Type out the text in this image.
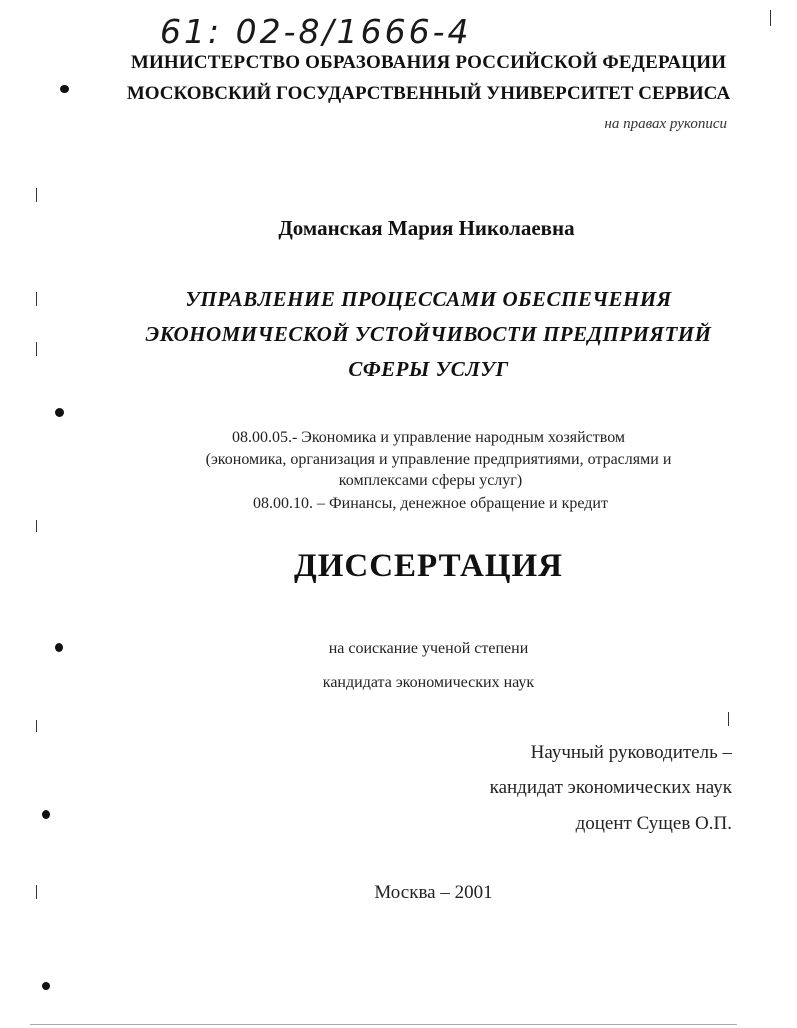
61: 02-8/1666-4
МИНИСТЕРСТВО ОБРАЗОВАНИЯ РОССИЙСКОЙ ФЕДЕРАЦИИ
МОСКОВСКИЙ ГОСУДАРСТВЕННЫЙ УНИВЕРСИТЕТ СЕРВИСА
на правах рукописи
Доманская Мария Николаевна
УПРАВЛЕНИЕ ПРОЦЕССАМИ ОБЕСПЕЧЕНИЯ
ЭКОНОМИЧЕСКОЙ УСТОЙЧИВОСТИ ПРЕДПРИЯТИЙ
СФЕРЫ УСЛУГ
08.00.05.- Экономика и управление народным хозяйством
(экономика, организация и управление предприятиями, отраслями и
комплексами сферы услуг)
08.00.10. – Финансы, денежное обращение и кредит
ДИССЕРТАЦИЯ
на соискание ученой степени
кандидата экономических наук
Научный руководитель –
кандидат экономических наук
доцент Сущев О.П.
Москва – 2001
